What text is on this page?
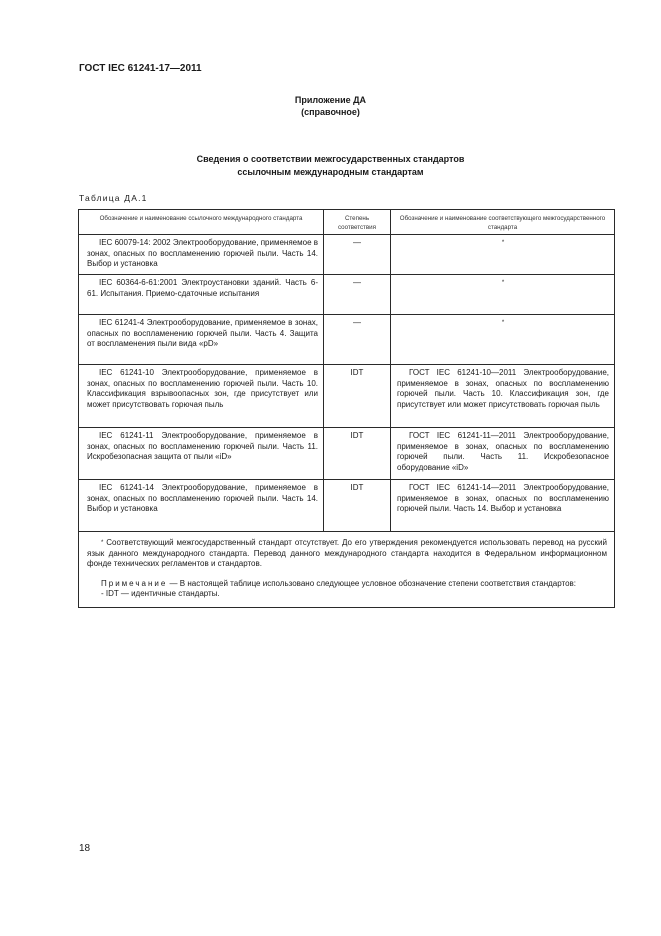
ГОСТ IEC 61241-17—2011
Приложение ДА
(справочное)
Сведения о соответствии межгосударственных стандартов
ссылочным международным стандартам
Таблица ДА.1
Обозначение и наименование ссылочного международного стандарта	Степень соответствия	Обозначение и наименование соответствующего межгосударственного стандарта
IEC 60079-14: 2002 Электрооборудование, применяемое в зонах, опасных по воспламенению горючей пыли. Часть 14. Выбор и установка	—	*
IEC 60364-6-61:2001 Электроустановки зданий. Часть 6-61. Испытания. Приемо-сдаточные испытания	—	*
IEC 61241-4 Электрооборудование, применяемое в зонах, опасных по воспламенению горючей пыли. Часть 4. Защита от воспламенения пыли вида «pD»	—	*
IEC 61241-10 Электрооборудование, применяемое в зонах, опасных по воспламенению горючей пыли. Часть 10. Классификация взрывоопасных зон, где присутствует или может присутствовать горючая пыль	IDT	ГОСТ IEC 61241-10—2011 Электрооборудование, применяемое в зонах, опасных по воспламенению горючей пыли. Часть 10. Классификация зон, где присутствует или может присутствовать горючая пыль
IEC 61241-11 Электрооборудование, применяемое в зонах, опасных по воспламенению горючей пыли. Часть 11. Искробезопасная защита от пыли «iD»	IDT	ГОСТ IEC 61241-11—2011 Электрооборудование, применяемое в зонах, опасных по воспламенению горючей пыли. Часть 11. Искробезопасное оборудование «iD»
IEC 61241-14 Электрооборудование, применяемое в зонах, опасных по воспламенению горючей пыли. Часть 14. Выбор и установка	IDT	ГОСТ IEC 61241-14—2011 Электрооборудование, применяемое в зонах, опасных по воспламенению горючей пыли. Часть 14. Выбор и установка

* Соответствующий межгосударственный стандарт отсутствует. До его утверждения рекомендуется использовать перевод на русский язык данного международного стандарта. Перевод данного международного стандарта находится в Федеральном информационном фонде технических регламентов и стандартов.
Примечание — В настоящей таблице использовано следующее условное обозначение степени соответствия стандартов:
- IDT — идентичные стандарты.		
18
